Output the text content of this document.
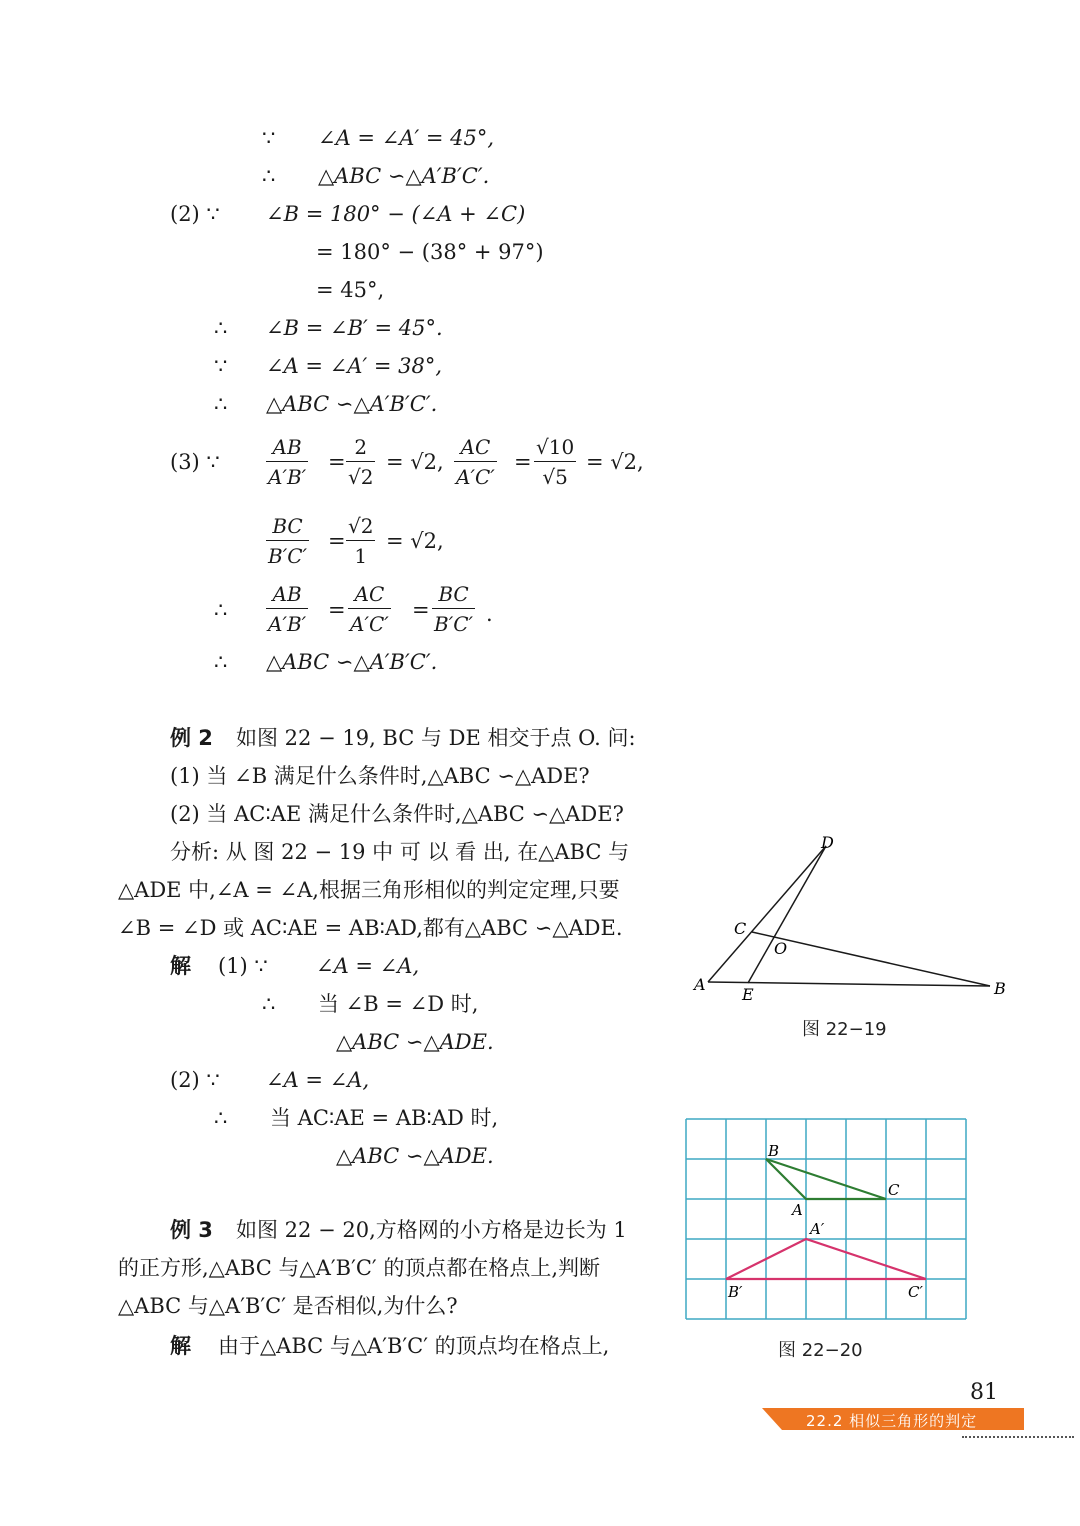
∵ ∠A = ∠A′ = 45°,
∴ △ABC ∽△A′B′C′.
(2) ∵ ∠B = 180° − (∠A + ∠C)
= 180° − (38° + 97°)
= 45°,
∴ ∠B = ∠B′ = 45°.
∵ ∠A = ∠A′ = 38°,
∴ △ABC ∽△A′B′C′.
(3) ∵ $\frac{AB}{A'B'} = \frac{2}{√2} = √2$, $\frac{AC}{A'C'} = \frac{√10}{√5} = √2$,
$\frac{BC}{B'C'} = \frac{√2}{1} = √2$,
∴ $\frac{AB}{A'B'} = \frac{AC}{A'C'} = \frac{BC}{B'C'}$ .
∴ △ABC ∽△A′B′C′.
例 2 如图 22 − 19, BC 与 DE 相交于点 O. 问:
(1) 当 ∠B 满足什么条件时,△ABC ∽△ADE?
(2) 当 AC∶AE 满足什么条件时,△ABC ∽△ADE?
分析: 从 图 22 − 19 中 可 以 看 出, 在△ABC 与
△ADE 中,∠A = ∠A,根据三角形相似的判定定理,只要
∠B = ∠D 或 AC∶AE = AB∶AD,都有△ABC ∽△ADE.
解 (1) ∵ ∠A = ∠A,
∴ 当 ∠B = ∠D 时,
△ABC ∽△ADE.
(2) ∵ ∠A = ∠A,
∴ 当 AC∶AE = AB∶AD 时,
△ABC ∽△ADE.
D
C
O
A
E	B
图 22−19
例 3 如图 22 − 20,方格网的小方格是边长为 1
的正方形,△ABC 与△A′B′C′ 的顶点都在格点上,判断
△ABC 与△A′B′C′ 是否相似,为什么?
解 由于△ABC 与△A′B′C′ 的顶点均在格点上,
B
C
A
A′
B′	C′
图 22−20
81
22.2 相似三角形的判定
